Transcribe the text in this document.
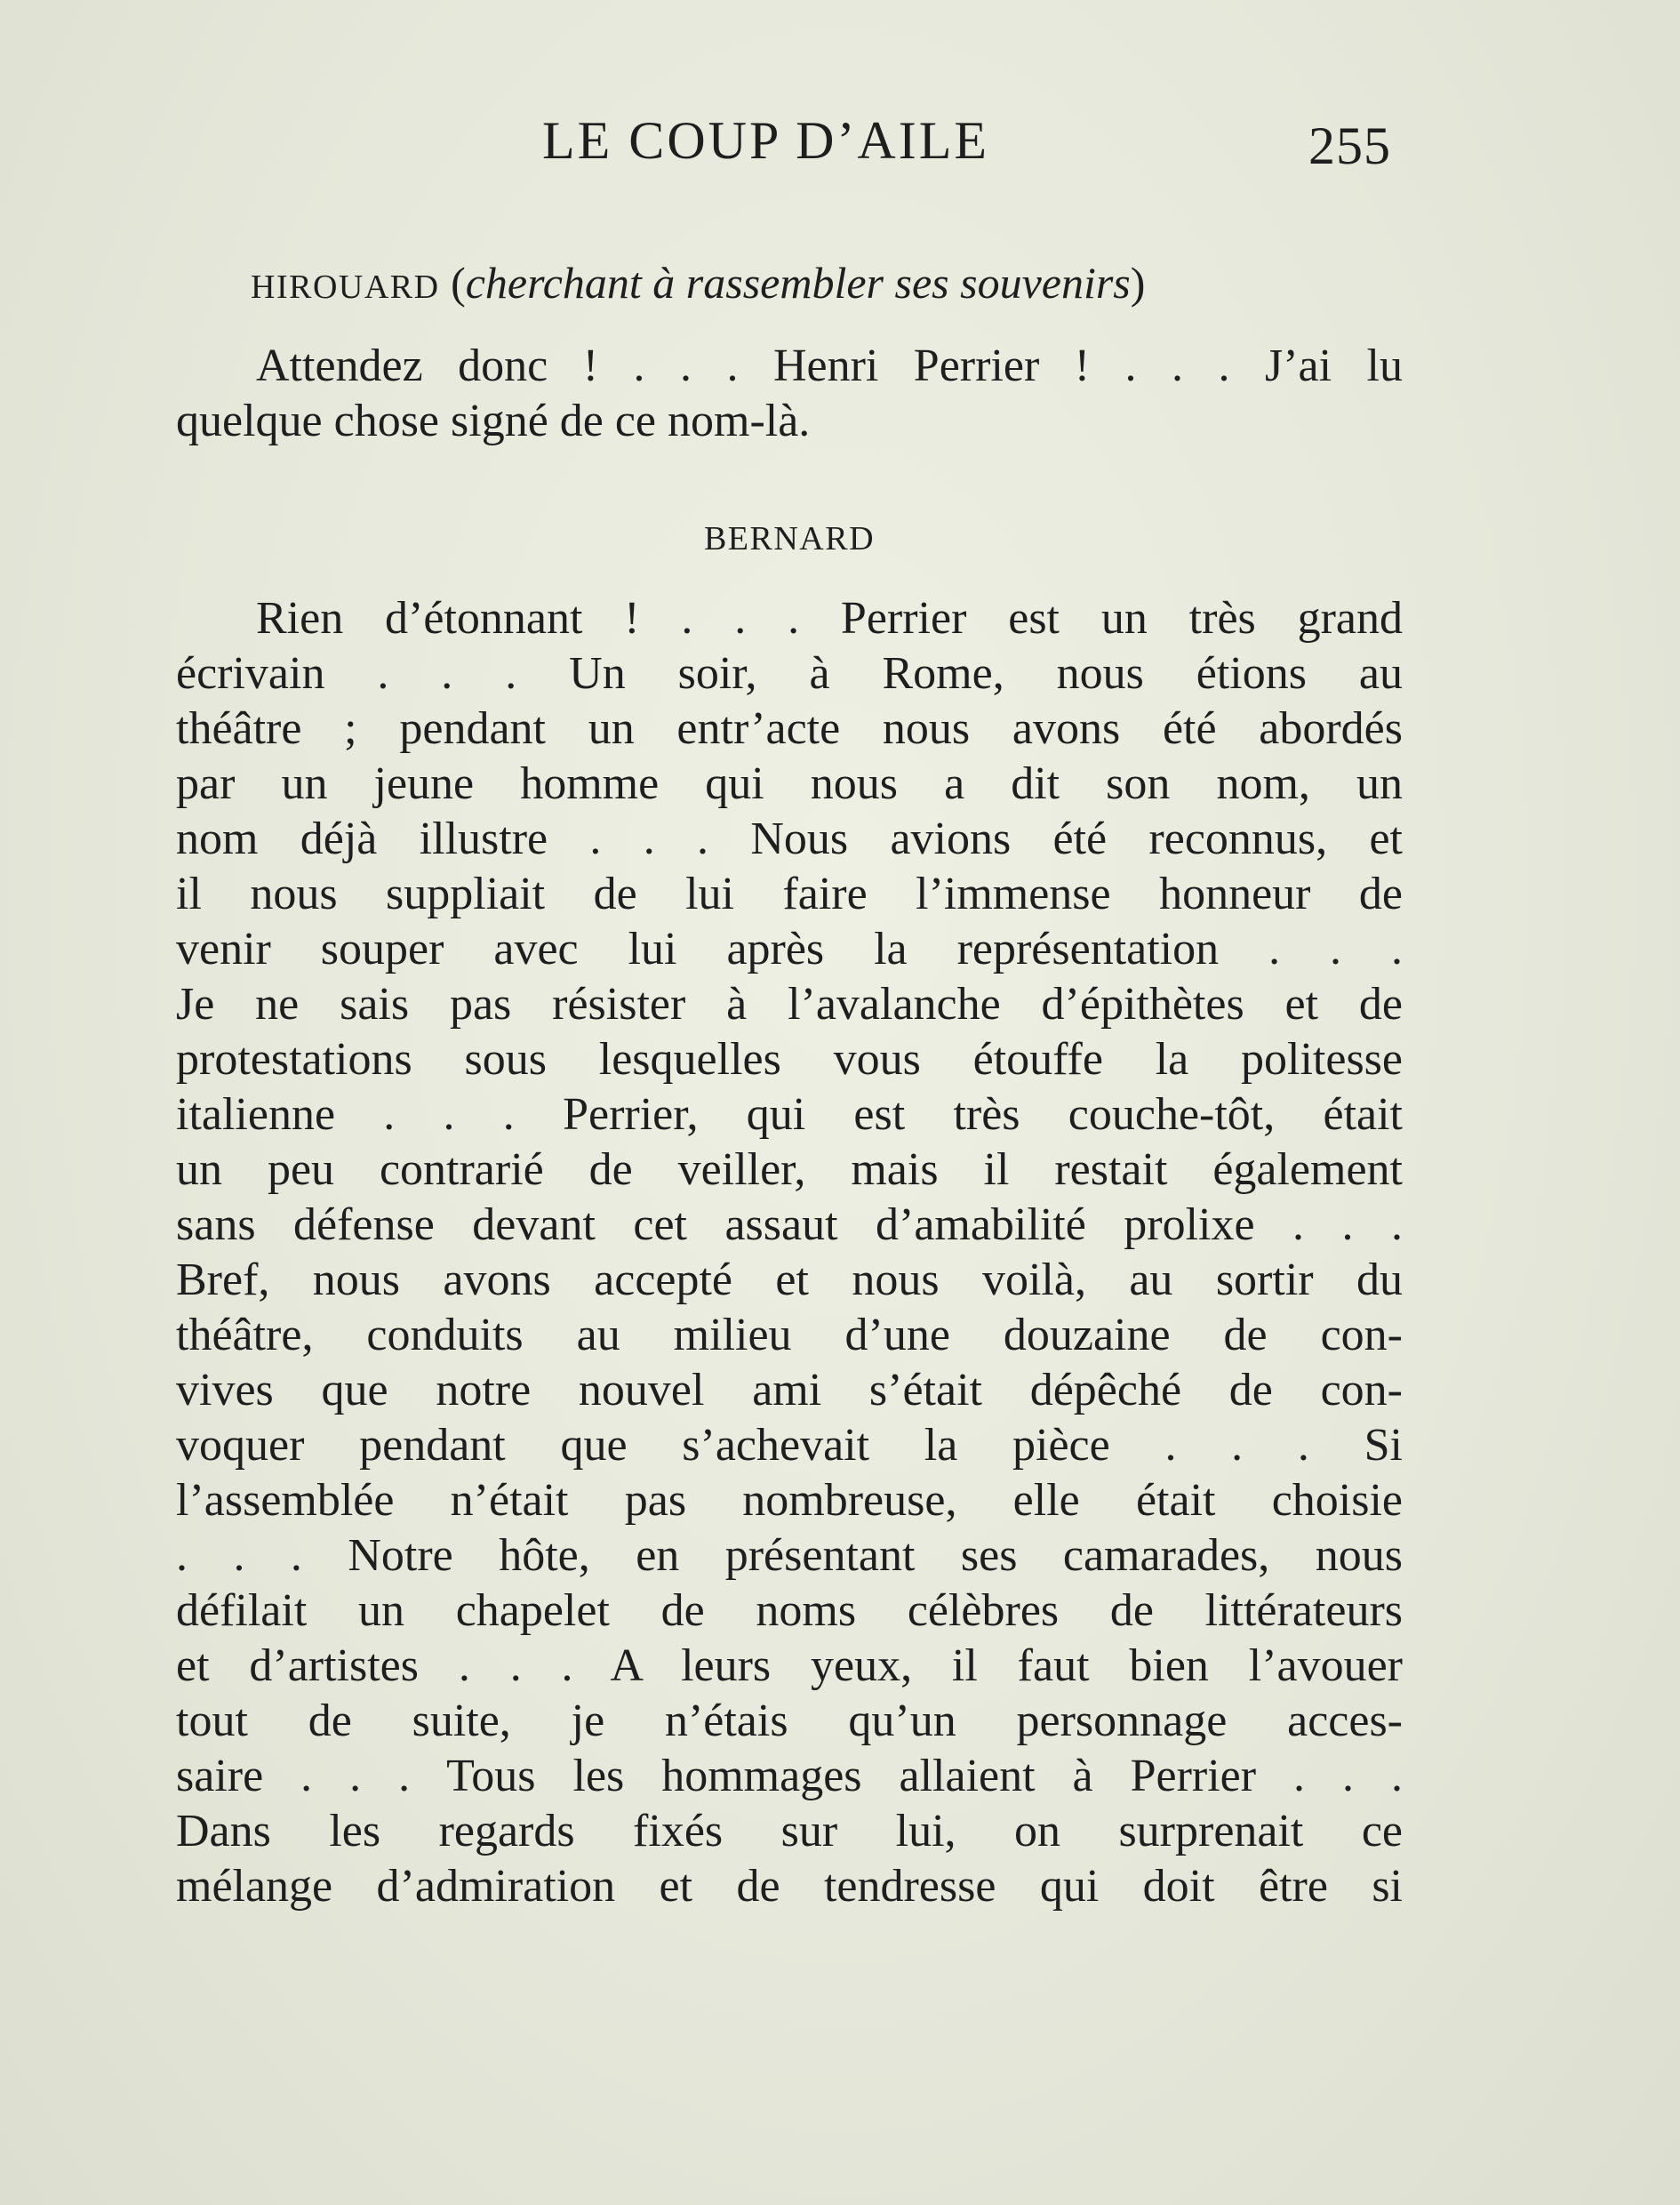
LE COUP D’AILE	255
HIROUARD (cherchant à rassembler ses souvenirs)
Attendez donc ! . . . Henri Perrier ! . . . J’ai lu
quelque chose signé de ce nom-là.
BERNARD
Rien d’étonnant ! . . . Perrier est un très grand
écrivain . . . Un soir, à Rome, nous étions au
théâtre ; pendant un entr’acte nous avons été abordés
par un jeune homme qui nous a dit son nom, un
nom déjà illustre . . . Nous avions été reconnus, et
il nous suppliait de lui faire l’immense honneur de
venir souper avec lui après la représentation . . .
Je ne sais pas résister à l’avalanche d’épithètes et de
protestations sous lesquelles vous étouffe la politesse
italienne . . . Perrier, qui est très couche-tôt, était
un peu contrarié de veiller, mais il restait également
sans défense devant cet assaut d’amabilité prolixe . . .
Bref, nous avons accepté et nous voilà, au sortir du
théâtre, conduits au milieu d’une douzaine de con-
vives que notre nouvel ami s’était dépêché de con-
voquer pendant que s’achevait la pièce . . . Si
l’assemblée n’était pas nombreuse, elle était choisie
. . . Notre hôte, en présentant ses camarades, nous
défilait un chapelet de noms célèbres de littérateurs
et d’artistes . . . A leurs yeux, il faut bien l’avouer
tout de suite, je n’étais qu’un personnage acces-
saire . . . Tous les hommages allaient à Perrier . . .
Dans les regards fixés sur lui, on surprenait ce
mélange d’admiration et de tendresse qui doit être si
